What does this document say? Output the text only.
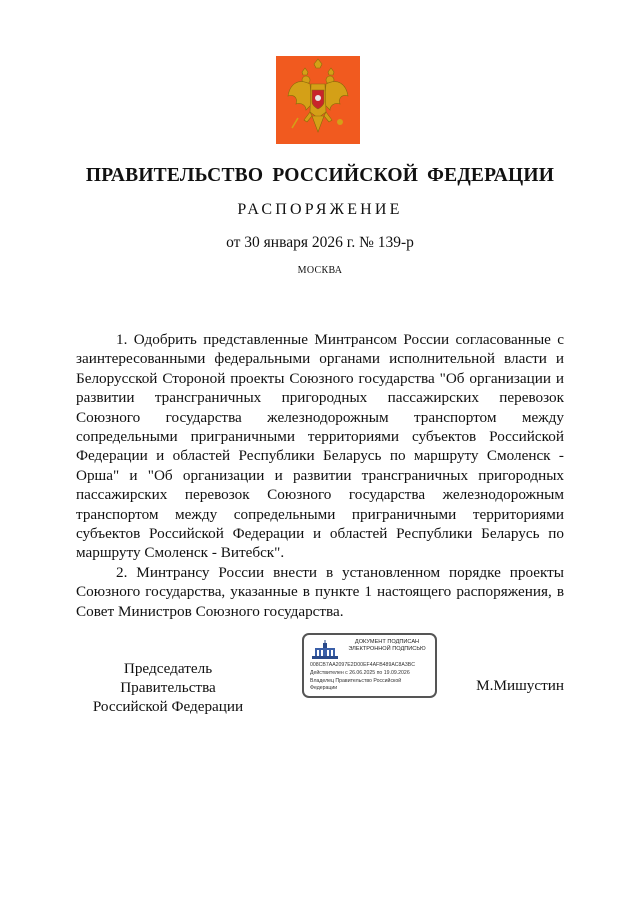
ПРАВИТЕЛЬСТВО РОССИЙСКОЙ ФЕДЕРАЦИИ
РАСПОРЯЖЕНИЕ
от 30 января 2026 г. № 139-р
МОСКВА

1. Одобрить представленные Минтрансом России согласованные с заинтересованными федеральными органами исполнительной власти и Белорусской Стороной проекты Союзного государства "Об организации и развитии трансграничных пригородных пассажирских перевозок Союзного государства железнодорожным транспортом между сопредельными приграничными территориями субъектов Российской Федерации и областей Республики Беларусь по маршруту Смоленск - Орша" и "Об организации и развитии трансграничных пригородных пассажирских перевозок Союзного государства железнодорожным транспортом между сопредельными приграничными территориями субъектов Российской Федерации и областей Республики Беларусь по маршруту Смоленск - Витебск".

2. Минтрансу России внести в установленном порядке проекты Союзного государства, указанные в пункте 1 настоящего распоряжения, в Совет Министров Союзного государства.

Председатель Правительства
Российской Федерации
ДОКУМЕНТ ПОДПИСАН
ЭЛЕКТРОННОЙ ПОДПИСЬЮ
008CB7AA2097E2D00EF4AFB489AC8A3BC
Действителен с 26.06.2025 по 19.09.2026
Владелец Правительство Российской
Федерации	М.Мишустин
